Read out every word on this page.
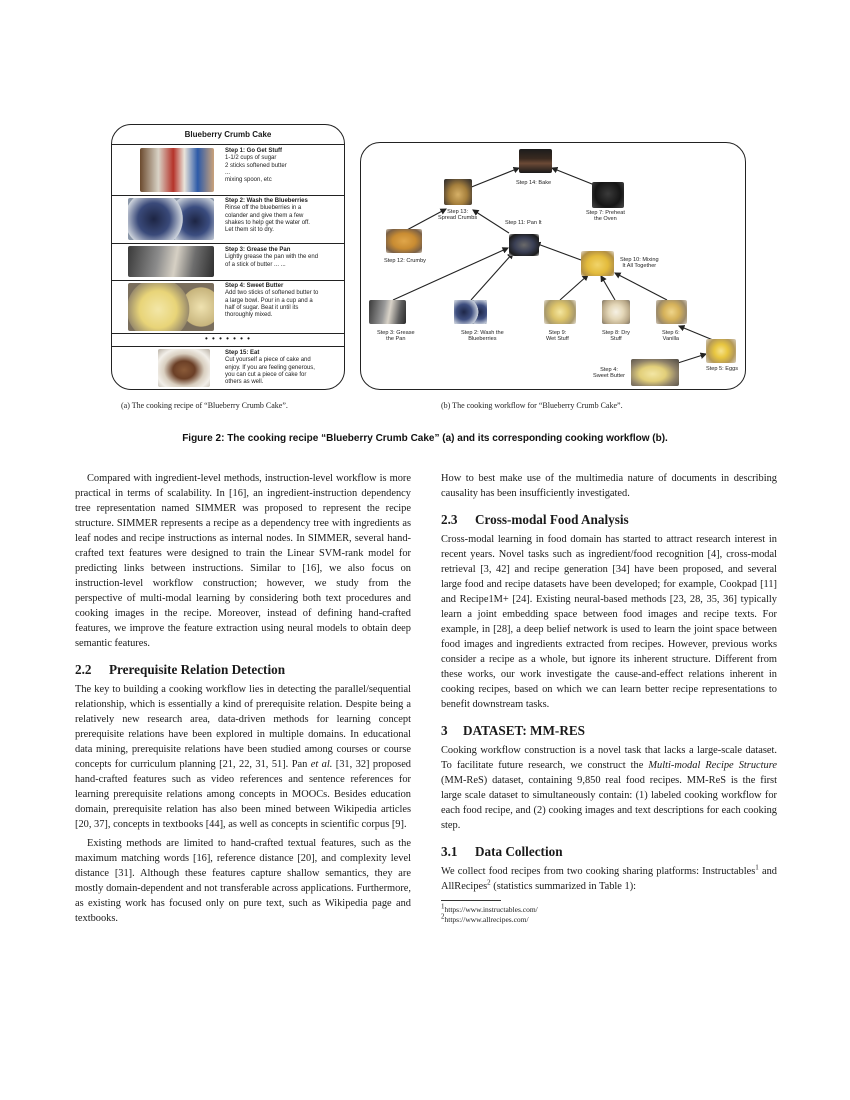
Blueberry Crumb Cake
Step 1: Go Get Stuff
1-1/2 cups of sugar
2 sticks softened butter
...
mixing spoon, etc
Step 2: Wash the Blueberries
Rinse off the blueberries in a
colander and give them a few
shakes to help get the water off.
Let them sit to dry.
Step 3: Grease the Pan
Lightly grease the pan with the end
of a stick of butter ... ...
Step 4: Sweet Butter
Add two sticks of softened butter to
a large bowl. Pour in a cup and a
half of sugar. Beat it until its
thoroughly mixed.
• • • • • • •
Step 15: Eat
Cut yourself a piece of cake and
enjoy. If you are feeling generous,
you can cut a piece of cake for
others as well.
(a) The cooking recipe of “Blueberry Crumb Cake”.
Step 14: Bake
Step 13:
Spread Crumbs
Step 11: Pan It
Step 7: Preheat
the Oven
Step 12: Crumby	Step 10: Mixing
It All Together
Step 3: Grease
the Pan
Step 2: Wash the
Blueberries
Step 9:
Wet Stuff
Step 8: Dry
Stuff
Step 6:
Vanilla
Step 4:
Sweet Butter
Step 5: Eggs
(b) The cooking workflow for “Blueberry Crumb Cake”.
Figure 2: The cooking recipe “Blueberry Crumb Cake” (a) and its corresponding cooking workflow (b).

Compared with ingredient-level methods, instruction-level workflow is more practical in terms of scalability. In [16], an ingredient-instruction dependency tree representation named SIMMER was proposed to represent the recipe structure. SIMMER represents a recipe as a dependency tree with ingredients as leaf nodes and recipe instructions as internal nodes. In SIMMER, several hand-crafted text features were designed to train the Linear SVM-rank model for predicting links between instructions. Similar to [16], we also focus on instruction-level workflow construction; however, we study from the perspective of multi-modal learning by considering both text procedures and cooking images in the recipe. Moreover, instead of defining hand-crafted features, we improve the feature extraction using neural models to obtain deep semantic features.

2.2 Prerequisite Relation Detection

The key to building a cooking workflow lies in detecting the parallel/sequential relationship, which is essentially a kind of prerequisite relation. Despite being a relatively new research area, data-driven methods for learning concept prerequisite relations have been explored in multiple domains. In educational data mining, prerequisite relations have been studied among courses or course concepts for curriculum planning [21, 22, 31, 51]. Pan et al. [31, 32] proposed hand-crafted features such as video references and sentence references for learning prerequisite relations among concepts in MOOCs. Besides education domain, prerequisite relation has also been mined between Wikipedia articles [20, 37], concepts in textbooks [44], as well as concepts in scientific corpus [9].

Existing methods are limited to hand-crafted textual features, such as the maximum matching words [16], reference distance [20], and complexity level distance [31]. Although these features capture shallow semantics, they are mostly domain-dependent and not transferable across applications. Furthermore, as existing work has focused only on pure text, such as Wikipedia page and textbooks.

How to best make use of the multimedia nature of documents in describing causality has been insufficiently investigated.

2.3 Cross-modal Food Analysis

Cross-modal learning in food domain has started to attract research interest in recent years. Novel tasks such as ingredient/food recognition [4], cross-modal retrieval [3, 42] and recipe generation [34] have been proposed, and several large food and recipe datasets have been developed; for example, Cookpad [11] and Recipe1M+ [24]. Existing neural-based methods [23, 28, 35, 36] typically learn a joint embedding space between food images and recipe texts. For example, in [28], a deep belief network is used to learn the joint space between food images and ingredients extracted from recipes. However, previous works consider a recipe as a whole, but ignore its inherent structure. Different from these works, our work investigate the cause-and-effect relations inherent in cooking recipes, based on which we can learn better recipe representations to benefit downstream tasks.

3 DATASET: MM-RES

Cooking workflow construction is a novel task that lacks a large-scale dataset. To facilitate future research, we construct the Multi-modal Recipe Structure (MM-ReS) dataset, containing 9,850 real food recipes. MM-ReS is the first large scale dataset to simultaneously contain: (1) labeled cooking workflow for each food recipe, and (2) cooking images and text descriptions for each cooking step.

3.1 Data Collection

We collect food recipes from two cooking sharing platforms: Instructables$^1$ and AllRecipes$^2$ (statistics summarized in Table 1):

$^1$https://www.instructables.com/
$^2$https://www.allrecipes.com/
